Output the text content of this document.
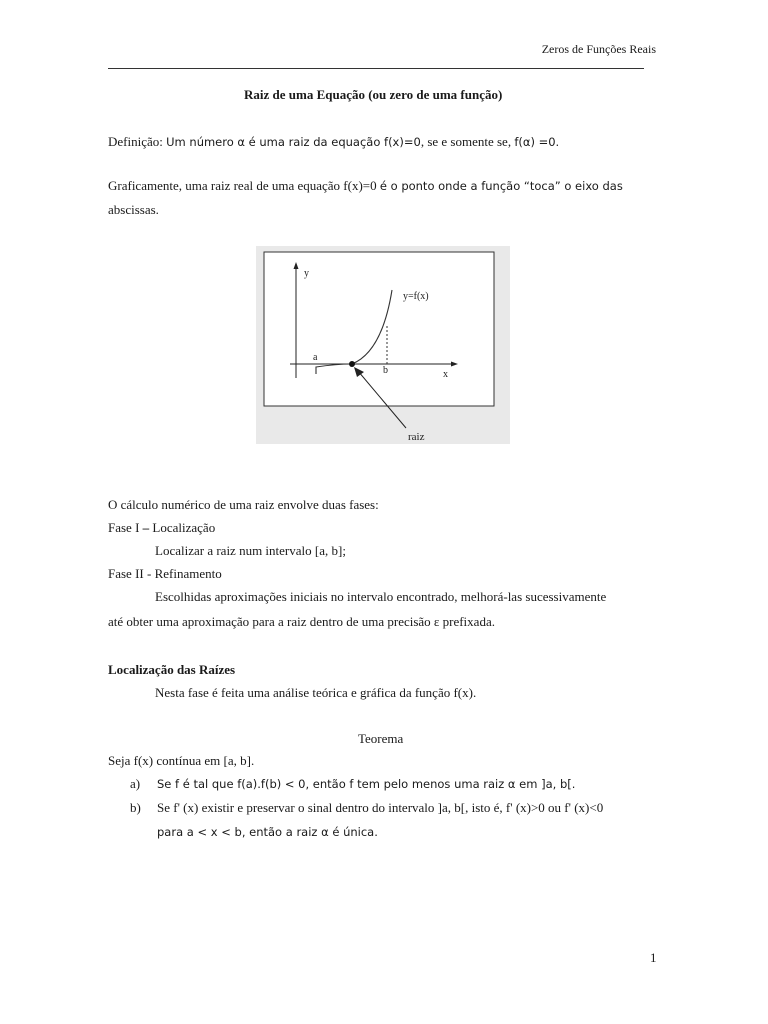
Zeros de Funções Reais
Raiz de uma Equação (ou zero de uma função)
Definição: Um número α é uma raiz da equação f(x)=0, se e somente se, f(α) =0.
Graficamente, uma raiz real de uma equação f(x)=0 é o ponto onde a função “toca” o eixo das
abscissas.
y
x
y=f(x)
a
b
raiz
O cálculo numérico de uma raiz envolve duas fases:
Fase I – Localização
Localizar a raiz num intervalo [a, b];
Fase II - Refinamento
Escolhidas aproximações iniciais no intervalo encontrado, melhorá-las sucessivamente
até obter uma aproximação para a raiz dentro de uma precisão ε prefixada.
Localização das Raízes
Nesta fase é feita uma análise teórica e gráfica da função f(x).
Teorema
Seja f(x) contínua em [a, b].
a) Se f é tal que f(a).f(b) < 0, então f tem pelo menos uma raiz α em ]a, b[.
b) Se f' (x) existir e preservar o sinal dentro do intervalo ]a, b[, isto é, f' (x)>0 ou f' (x)<0
para a < x < b, então a raiz α é única.
1
